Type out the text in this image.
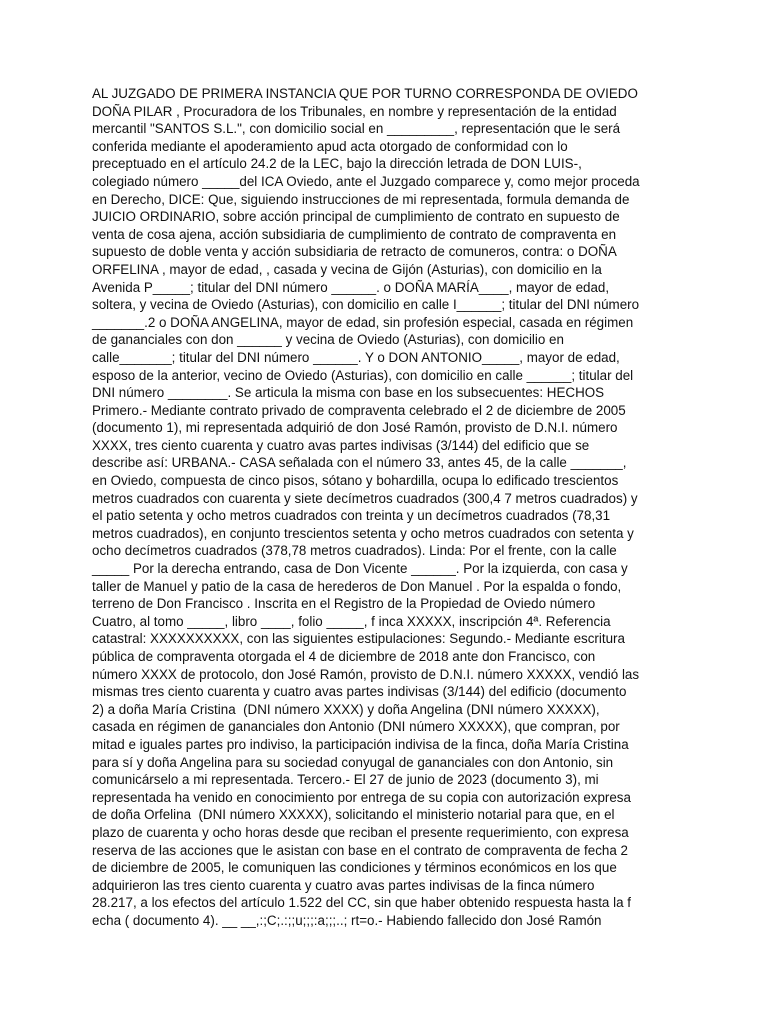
AL JUZGADO DE PRIMERA INSTANCIA QUE POR TURNO CORRESPONDA DE OVIEDO
DOÑA PILAR , Procuradora de los Tribunales, en nombre y representación de la entidad
mercantil "SANTOS S.L.", con domicilio social en _________, representación que le será
conferida mediante el apoderamiento apud acta otorgado de conformidad con lo
preceptuado en el artículo 24.2 de la LEC, bajo la dirección letrada de DON LUIS-,
colegiado número _____del ICA Oviedo, ante el Juzgado comparece y, como mejor proceda
en Derecho, DICE: Que, siguiendo instrucciones de mi representada, formula demanda de
JUICIO ORDINARIO, sobre acción principal de cumplimiento de contrato en supuesto de
venta de cosa ajena, acción subsidiaria de cumplimiento de contrato de compraventa en
supuesto de doble venta y acción subsidiaria de retracto de comuneros, contra: o DOÑA
ORFELINA , mayor de edad, , casada y vecina de Gijón (Asturias), con domicilio en la
Avenida P_____; titular del DNI número ______. o DOÑA MARÍA____, mayor de edad,
soltera, y vecina de Oviedo (Asturias), con domicilio en calle I______; titular del DNI número
_______.2 o DOÑA ANGELINA, mayor de edad, sin profesión especial, casada en régimen
de gananciales con don ______ y vecina de Oviedo (Asturias), con domicilio en
calle_______; titular del DNI número ______. Y o DON ANTONIO_____, mayor de edad,
esposo de la anterior, vecino de Oviedo (Asturias), con domicilio en calle ______; titular del
DNI número ________. Se articula la misma con base en los subsecuentes: HECHOS
Primero.- Mediante contrato privado de compraventa celebrado el 2 de diciembre de 2005
(documento 1), mi representada adquirió de don José Ramón, provisto de D.N.I. número
XXXX, tres ciento cuarenta y cuatro avas partes indivisas (3/144) del edificio que se
describe así: URBANA.- CASA señalada con el número 33, antes 45, de la calle _______,
en Oviedo, compuesta de cinco pisos, sótano y bohardilla, ocupa lo edificado trescientos
metros cuadrados con cuarenta y siete decímetros cuadrados (300,4 7 metros cuadrados) y
el patio setenta y ocho metros cuadrados con treinta y un decímetros cuadrados (78,31
metros cuadrados), en conjunto trescientos setenta y ocho metros cuadrados con setenta y
ocho decímetros cuadrados (378,78 metros cuadrados). Linda: Por el frente, con la calle
_____ Por la derecha entrando, casa de Don Vicente ______. Por la izquierda, con casa y
taller de Manuel y patio de la casa de herederos de Don Manuel . Por la espalda o fondo,
terreno de Don Francisco . Inscrita en el Registro de la Propiedad de Oviedo número
Cuatro, al tomo _____, libro ____, folio _____, f inca XXXXX, inscripción 4ª. Referencia
catastral: XXXXXXXXXX, con las siguientes estipulaciones: Segundo.- Mediante escritura
pública de compraventa otorgada el 4 de diciembre de 2018 ante don Francisco, con
número XXXX de protocolo, don José Ramón, provisto de D.N.I. número XXXXX, vendió las
mismas tres ciento cuarenta y cuatro avas partes indivisas (3/144) del edificio (documento
2) a doña María Cristina  (DNI número XXXX) y doña Angelina (DNI número XXXXX),
casada en régimen de gananciales don Antonio (DNI número XXXXX), que compran, por
mitad e iguales partes pro indiviso, la participación indivisa de la finca, doña María Cristina
para sí y doña Angelina para su sociedad conyugal de gananciales con don Antonio, sin
comunicárselo a mi representada. Tercero.- El 27 de junio de 2023 (documento 3), mi
representada ha venido en conocimiento por entrega de su copia con autorización expresa
de doña Orfelina  (DNI número XXXXX), solicitando el ministerio notarial para que, en el
plazo de cuarenta y ocho horas desde que reciban el presente requerimiento, con expresa
reserva de las acciones que le asistan con base en el contrato de compraventa de fecha 2
de diciembre de 2005, le comuniquen las condiciones y términos económicos en los que
adquirieron las tres ciento cuarenta y cuatro avas partes indivisas de la finca número
28.217, a los efectos del artículo 1.522 del CC, sin que haber obtenido respuesta hasta la f
echa ( documento 4). __ __,:;C;.:;;u;;;:a;;;..; rt=o.- Habiendo fallecido don José Ramón
